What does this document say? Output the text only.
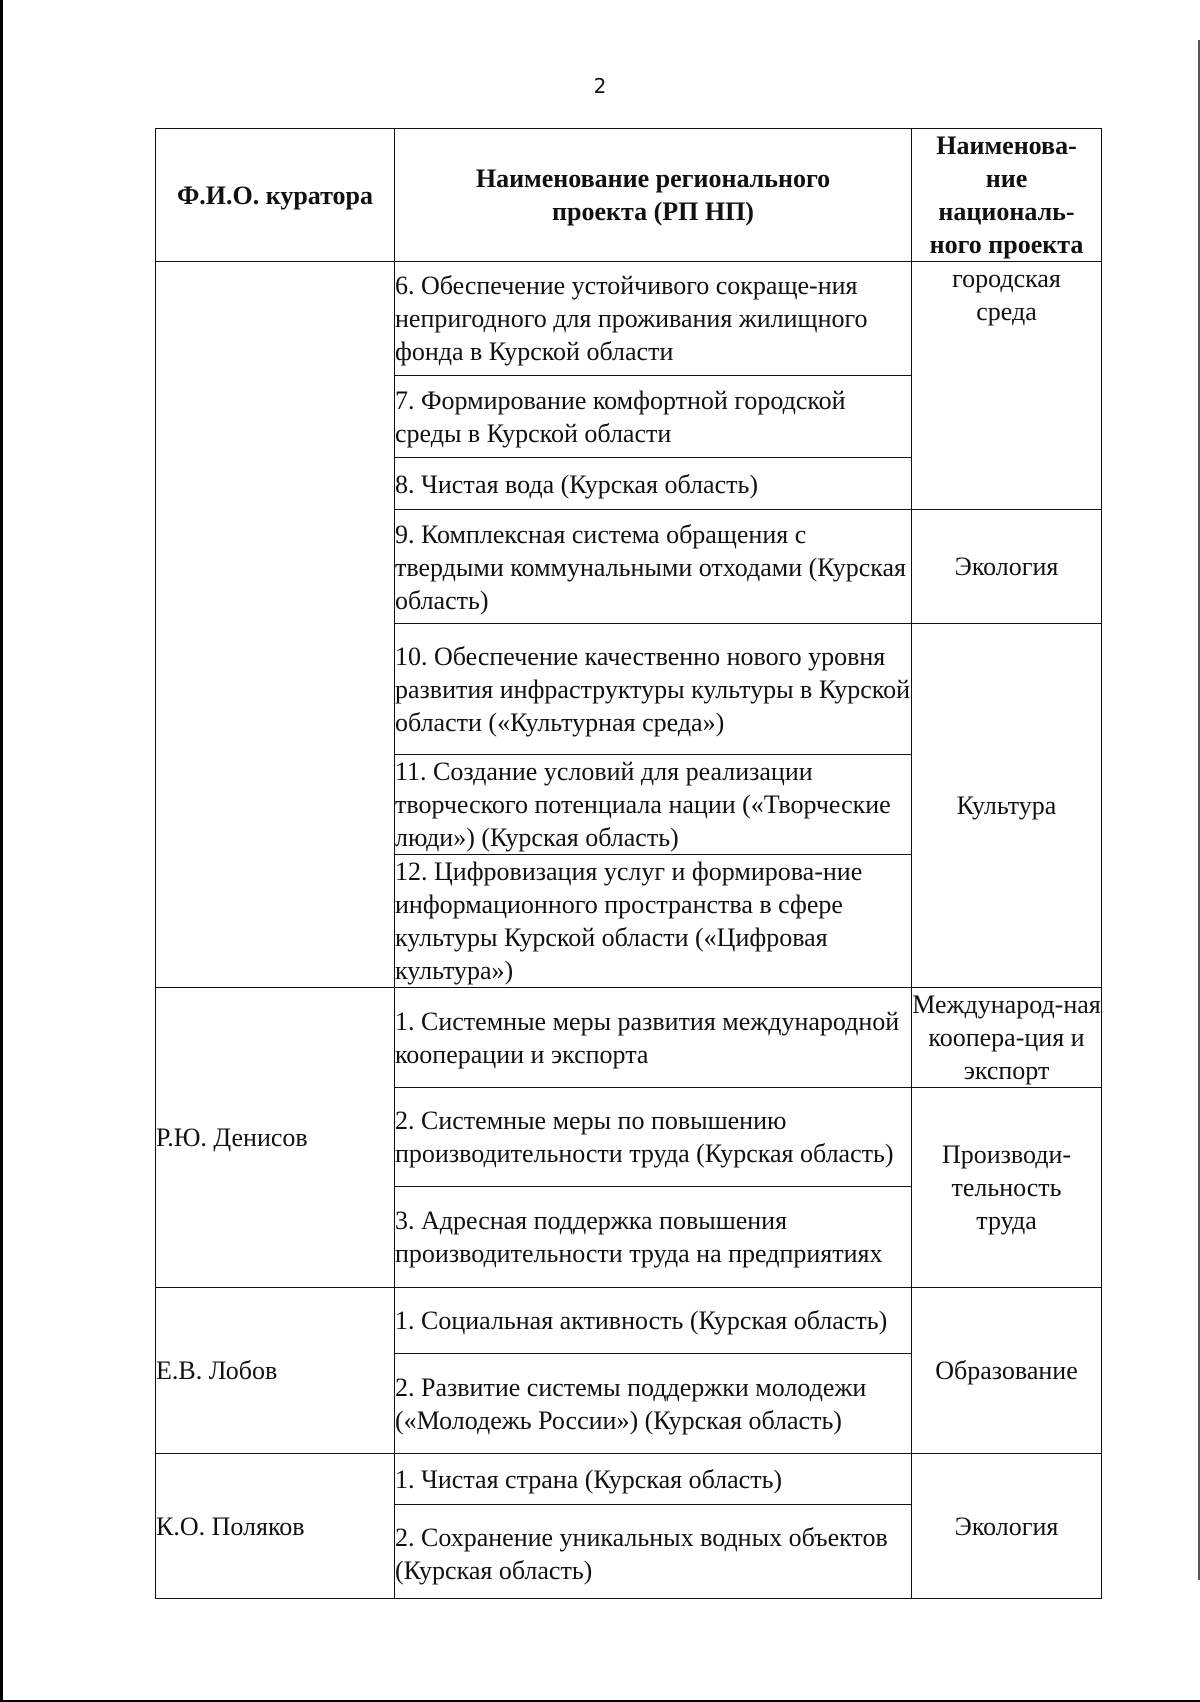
2
Ф.И.О. куратора	Наименование регионального проекта (РП НП)	Наименова-ние националь-ного проекта

	6. Обеспечение устойчивого сокраще-ния непригодного для проживания жилищного фонда в Курской области	городская среда

	7. Формирование комфортной городской среды в Курской области	

	8. Чистая вода (Курская область)	

	9. Комплексная система обращения с твердыми коммунальными отходами (Курская область)	Экология

	10. Обеспечение качественно нового уровня развития инфраструктуры культуры в Курской области («Культурная среда»)	Культура

	11. Создание условий для реализации творческого потенциала нации («Творческие люди») (Курская область)	

	12. Цифровизация услуг и формирова-ние информационного пространства в сфере культуры Курской области («Цифровая культура»)	

Р.Ю. Денисов	1. Системные меры развития международной кооперации и экспорта	Международ-ная коопера-ция и экспорт

	2. Системные меры по повышению производительности труда (Курская область)	Производи-тельность труда

	3. Адресная поддержка повышения производительности труда на предприятиях	

Е.В. Лобов	1. Социальная активность (Курская область)	Образование

	2. Развитие системы поддержки молодежи («Молодежь России») (Курская область)	

К.О. Поляков	1. Чистая страна (Курская область)	Экология

	2. Сохранение уникальных водных объектов (Курская область)	
